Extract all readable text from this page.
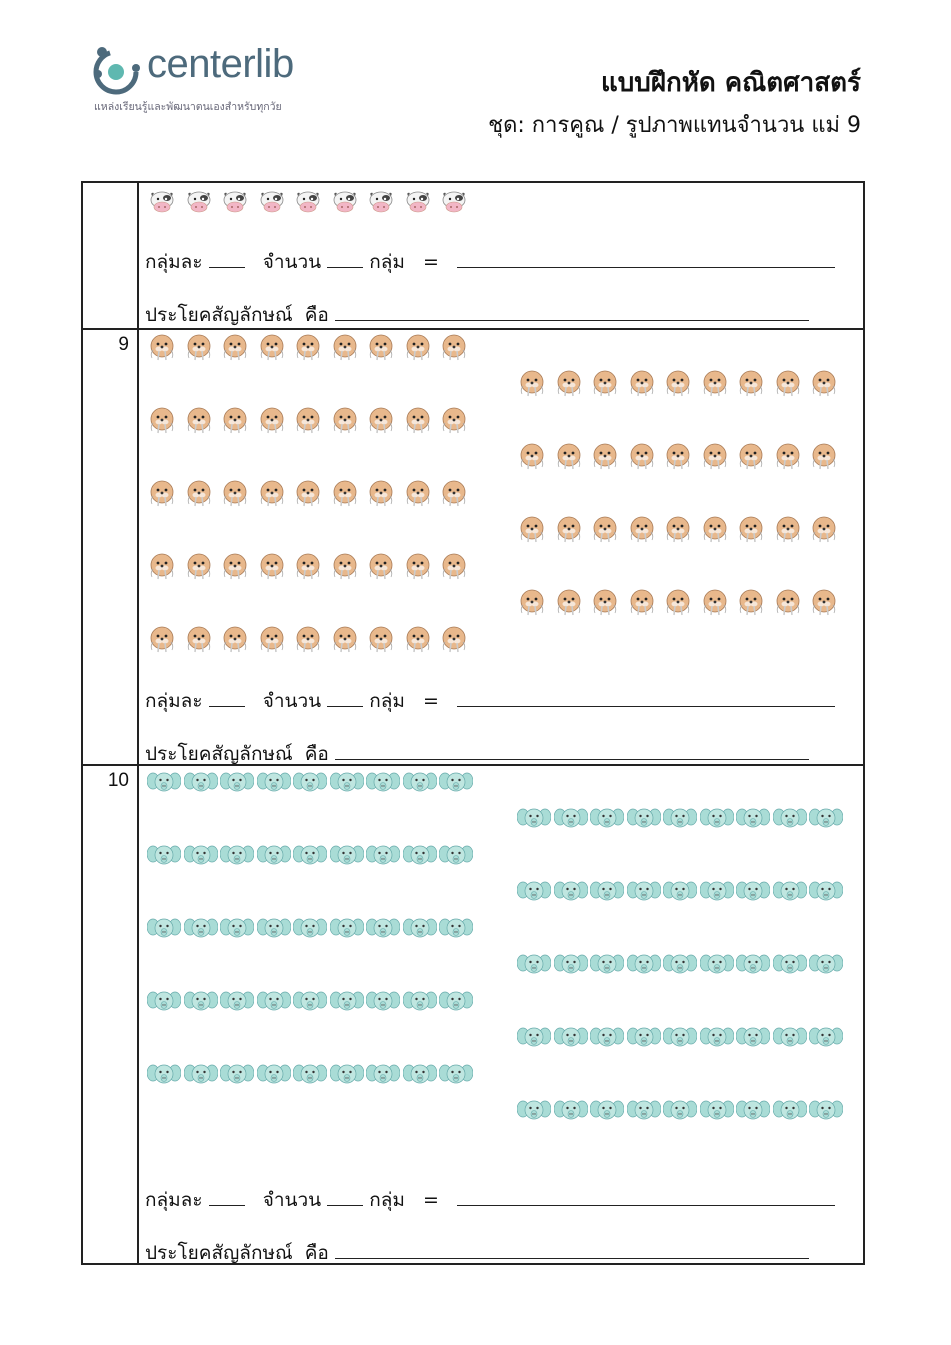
centerlib
แหล่งเรียนรู้และพัฒนาตนเองสำหรับทุกวัย
แบบฝึกหัด คณิตศาสตร์
ชุด: การคูณ / รูปภาพแทนจำนวน แม่ 9
กลุ่มละ	จำนวน	กลุ่ม =
ประโยคสัญลักษณ์ คือ
9
กลุ่มละ	จำนวน	กลุ่ม =
ประโยคสัญลักษณ์ คือ
10
กลุ่มละ	จำนวน	กลุ่ม =
ประโยคสัญลักษณ์ คือ
